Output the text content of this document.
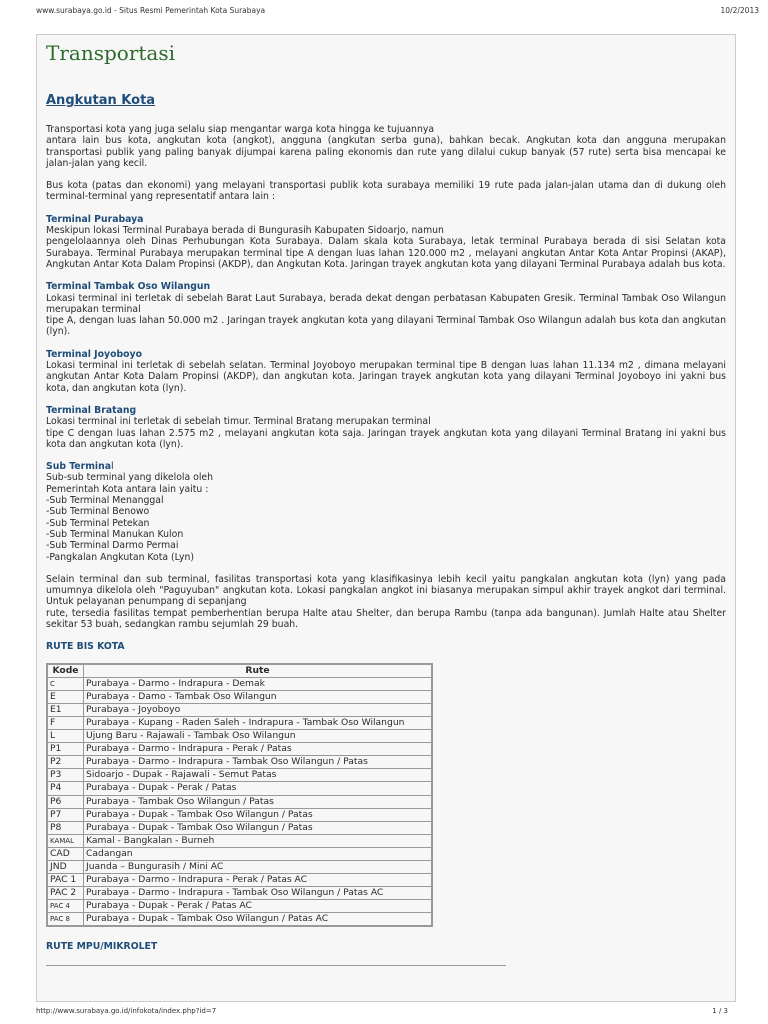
www.surabaya.go.id - Situs Resmi Pemerintah Kota Surabaya	10/2/2013
Transportasi
Angkutan Kota

Transportasi kota yang juga selalu siap mengantar warga kota hingga ke tujuannya
antara lain bus kota, angkutan kota (angkot), angguna (angkutan serba guna), bahkan becak. Angkutan kota dan angguna merupakan transportasi publik yang paling banyak dijumpai karena paling ekonomis dan rute yang dilalui cukup banyak (57 rute) serta bisa mencapai ke jalan-jalan yang kecil.

Bus kota (patas dan ekonomi) yang melayani transportasi publik kota surabaya memiliki 19 rute pada jalan-jalan utama dan di dukung oleh terminal-terminal yang representatif antara lain :

Terminal Purabaya
Meskipun lokasi Terminal Purabaya berada di Bungurasih Kabupaten Sidoarjo, namun
pengelolaannya oleh Dinas Perhubungan Kota Surabaya. Dalam skala kota Surabaya, letak terminal Purabaya berada di sisi Selatan kota Surabaya. Terminal Purabaya merupakan terminal tipe A dengan luas lahan 120.000 m2 , melayani angkutan Antar Kota Antar Propinsi (AKAP), Angkutan Antar Kota Dalam Propinsi (AKDP), dan Angkutan Kota. Jaringan trayek angkutan kota yang dilayani Terminal Purabaya adalah bus kota.

Terminal Tambak Oso Wilangun
Lokasi terminal ini terletak di sebelah Barat Laut Surabaya, berada dekat dengan perbatasan Kabupaten Gresik. Terminal Tambak Oso Wilangun merupakan terminal
tipe A, dengan luas lahan 50.000 m2 . Jaringan trayek angkutan kota yang dilayani Terminal Tambak Oso Wilangun adalah bus kota dan angkutan (lyn).

Terminal Joyoboyo
Lokasi terminal ini terletak di sebelah selatan. Terminal Joyoboyo merupakan terminal tipe B dengan luas lahan 11.134 m2 , dimana melayani angkutan Antar Kota Dalam Propinsi (AKDP), dan angkutan kota. Jaringan trayek angkutan kota yang dilayani Terminal Joyoboyo ini yakni bus kota, dan angkutan kota (lyn).

Terminal Bratang
Lokasi terminal ini terletak di sebelah timur. Terminal Bratang merupakan terminal
tipe C dengan luas lahan 2.575 m2 , melayani angkutan kota saja. Jaringan trayek angkutan kota yang dilayani Terminal Bratang ini yakni bus kota dan angkutan kota (lyn).

Sub Terminal
Sub-sub terminal yang dikelola oleh
Pemerintah Kota antara lain yaitu :
-Sub Terminal Menanggal
-Sub Terminal Benowo
-Sub Terminal Petekan
-Sub Terminal Manukan Kulon
-Sub Terminal Darmo Permai
-Pangkalan Angkutan Kota (Lyn)

Selain terminal dan sub terminal, fasilitas transportasi kota yang klasifikasinya lebih kecil yaitu pangkalan angkutan kota (lyn) yang pada umumnya dikelola oleh "Paguyuban" angkutan kota. Lokasi pangkalan angkot ini biasanya merupakan simpul akhir trayek angkot dari terminal. Untuk pelayanan penumpang di sepanjang
rute, tersedia fasilitas tempat pemberhentian berupa Halte atau Shelter, dan berupa Rambu (tanpa ada bangunan). Jumlah Halte atau Shelter sekitar 53 buah, sedangkan rambu sejumlah 29 buah.

RUTE BIS KOTA
Kode	Rute
C	Purabaya - Darmo - Indrapura - Demak
E	Purabaya - Damo - Tambak Oso Wilangun
E1	Purabaya - Joyoboyo
F	Purabaya - Kupang - Raden Saleh - Indrapura - Tambak Oso Wilangun
L	Ujung Baru - Rajawali - Tambak Oso Wilangun
P1	Purabaya - Darmo - Indrapura - Perak / Patas
P2	Purabaya - Darmo - Indrapura - Tambak Oso Wilangun / Patas
P3	Sidoarjo - Dupak - Rajawali - Semut Patas
P4	Purabaya - Dupak - Perak / Patas
P6	Purabaya - Tambak Oso Wilangun / Patas
P7	Purabaya - Dupak - Tambak Oso Wilangun / Patas
P8	Purabaya - Dupak - Tambak Oso Wilangun / Patas
KAMAL	Kamal - Bangkalan - Burneh
CAD	Cadangan
JND	Juanda – Bungurasih / Mini AC
PAC 1	Purabaya - Darmo - Indrapura - Perak / Patas AC
PAC 2	Purabaya - Darmo - Indrapura - Tambak Oso Wilangun / Patas AC
PAC 4	Purabaya - Dupak - Perak / Patas AC
PAC 8	Purabaya - Dupak - Tambak Oso Wilangun / Patas AC
RUTE MPU/MIKROLET
http://www.surabaya.go.id/infokota/index.php?id=7	1 / 3
